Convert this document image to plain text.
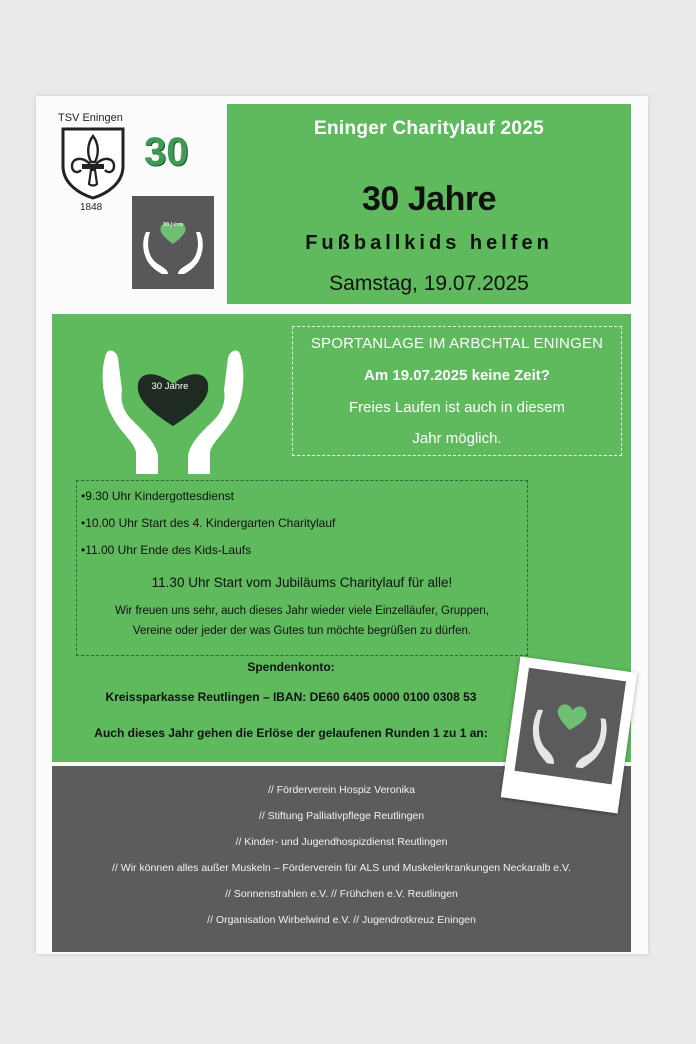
TSV Eningen
1848
30
30 Jahre
Eninger Charitylauf 2025
30 Jahre
Fußballkids helfen
Samstag, 19.07.2025
30 Jahre
SPORTANLAGE IM ARBCHTAL ENINGEN
Am 19.07.2025 keine Zeit?
Freies Laufen ist auch in diesem
Jahr möglich.
•9.30 Uhr Kindergottesdienst
•10.00 Uhr Start des 4. Kindergarten Charitylauf
•11.00 Uhr Ende des Kids-Laufs
11.30 Uhr Start vom Jubiläums Charitylauf für alle!
Wir freuen uns sehr, auch dieses Jahr wieder viele Einzelläufer, Gruppen,
Vereine oder jeder der was Gutes tun möchte begrüßen zu dürfen.
Spendenkonto:
Kreissparkasse Reutlingen – IBAN: DE60 6405 0000 0100 0308 53
Auch dieses Jahr gehen die Erlöse der gelaufenen Runden 1 zu 1 an:
// Förderverein Hospiz Veronika
// Stiftung Palliativpflege Reutlingen
// Kinder- und Jugendhospizdienst Reutlingen
// Wir können alles außer Muskeln – Förderverein für ALS und Muskelerkrankungen Neckaralb e.V.
// Sonnenstrahlen e.V. // Frühchen e.V. Reutlingen
// Organisation Wirbelwind e.V. // Jugendrotkreuz Eningen
